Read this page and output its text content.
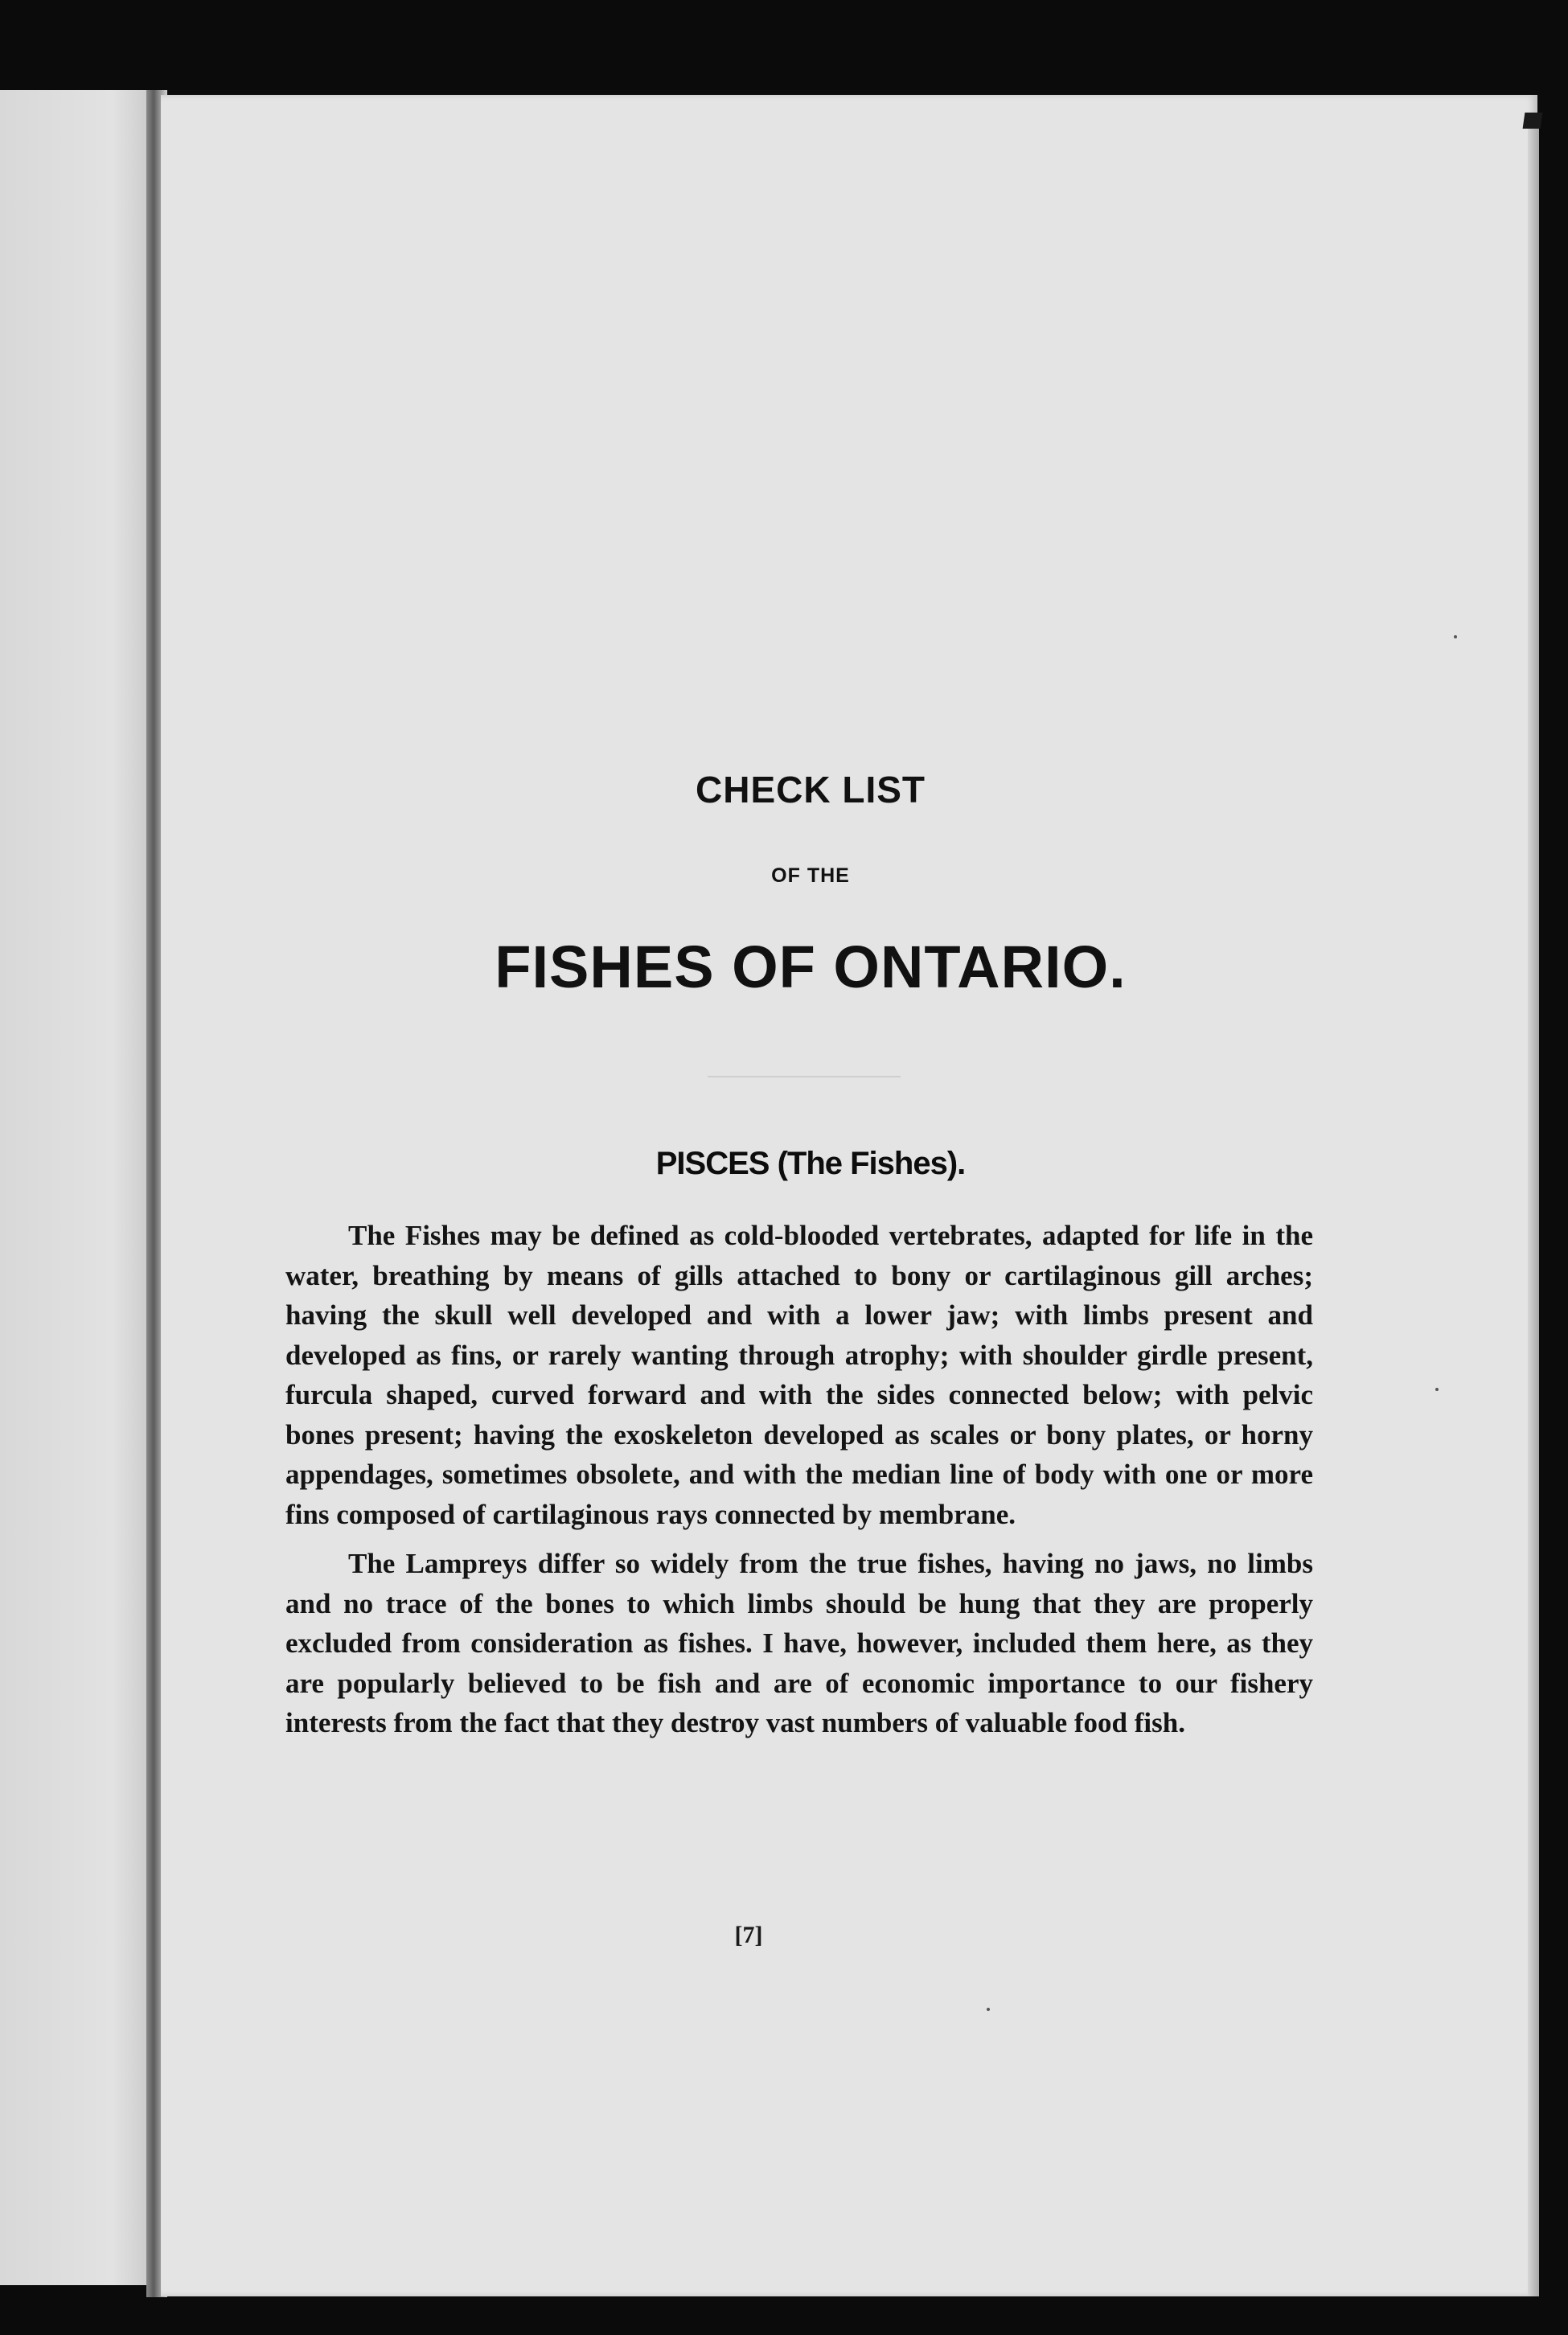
CHECK LIST
OF THE
FISHES OF ONTARIO.
PISCES (The Fishes).

The Fishes may be defined as cold-blooded vertebrates, adapted for life in the water, breathing by means of gills attached to bony or cartilaginous gill arches; having the skull well developed and with a lower jaw; with limbs present and developed as fins, or rarely wanting through atrophy; with shoulder girdle present, furcula shaped, curved forward and with the sides connected below; with pelvic bones present; having the exoskeleton developed as scales or bony plates, or horny appendages, sometimes obsolete, and with the median line of body with one or more fins composed of cartilaginous rays connected by membrane.

The Lampreys differ so widely from the true fishes, having no jaws, no limbs and no trace of the bones to which limbs should be hung that they are properly excluded from consideration as fishes. I have, however, included them here, as they are popularly believed to be fish and are of economic importance to our fishery interests from the fact that they destroy vast numbers of valuable food fish.

[7]
